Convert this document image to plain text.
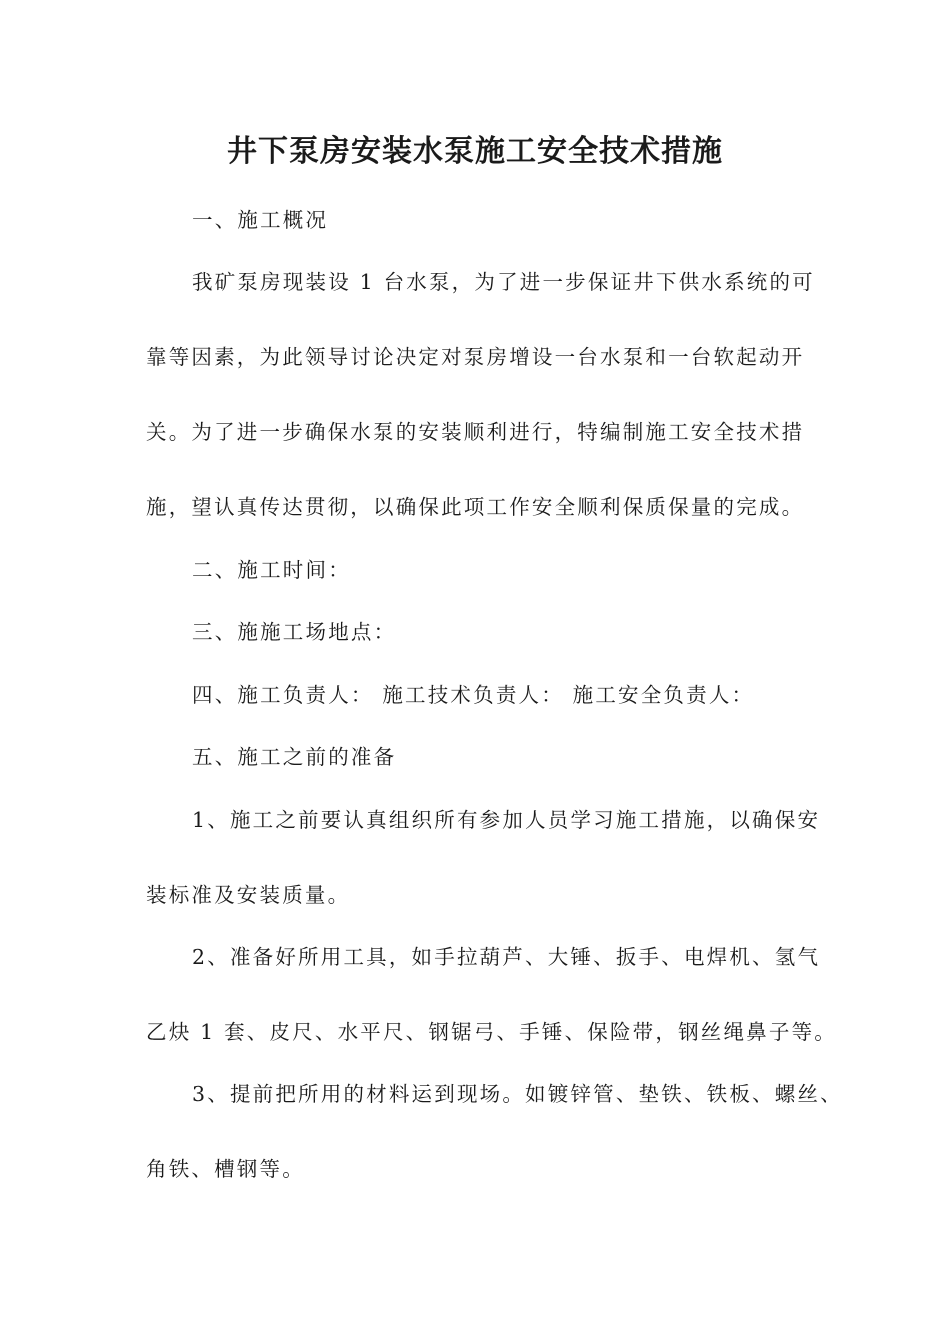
井下泵房安装水泵施工安全技术措施
一、施工概况
我矿泵房现装设 1 台水泵，为了进一步保证井下供水系统的可
靠等因素，为此领导讨论决定对泵房增设一台水泵和一台软起动开
关。为了进一步确保水泵的安装顺利进行，特编制施工安全技术措
施，望认真传达贯彻，以确保此项工作安全顺利保质保量的完成。
二、施工时间：
三、施施工场地点：
四、施工负责人： 施工技术负责人： 施工安全负责人：
五、施工之前的准备
1、施工之前要认真组织所有参加人员学习施工措施，以确保安
装标准及安装质量。
2、准备好所用工具，如手拉葫芦、大锤、扳手、电焊机、氢气
乙炔 1 套、皮尺、水平尺、钢锯弓、手锤、保险带，钢丝绳鼻子等。
3、提前把所用的材料运到现场。如镀锌管、垫铁、铁板、螺丝、
角铁、槽钢等。
